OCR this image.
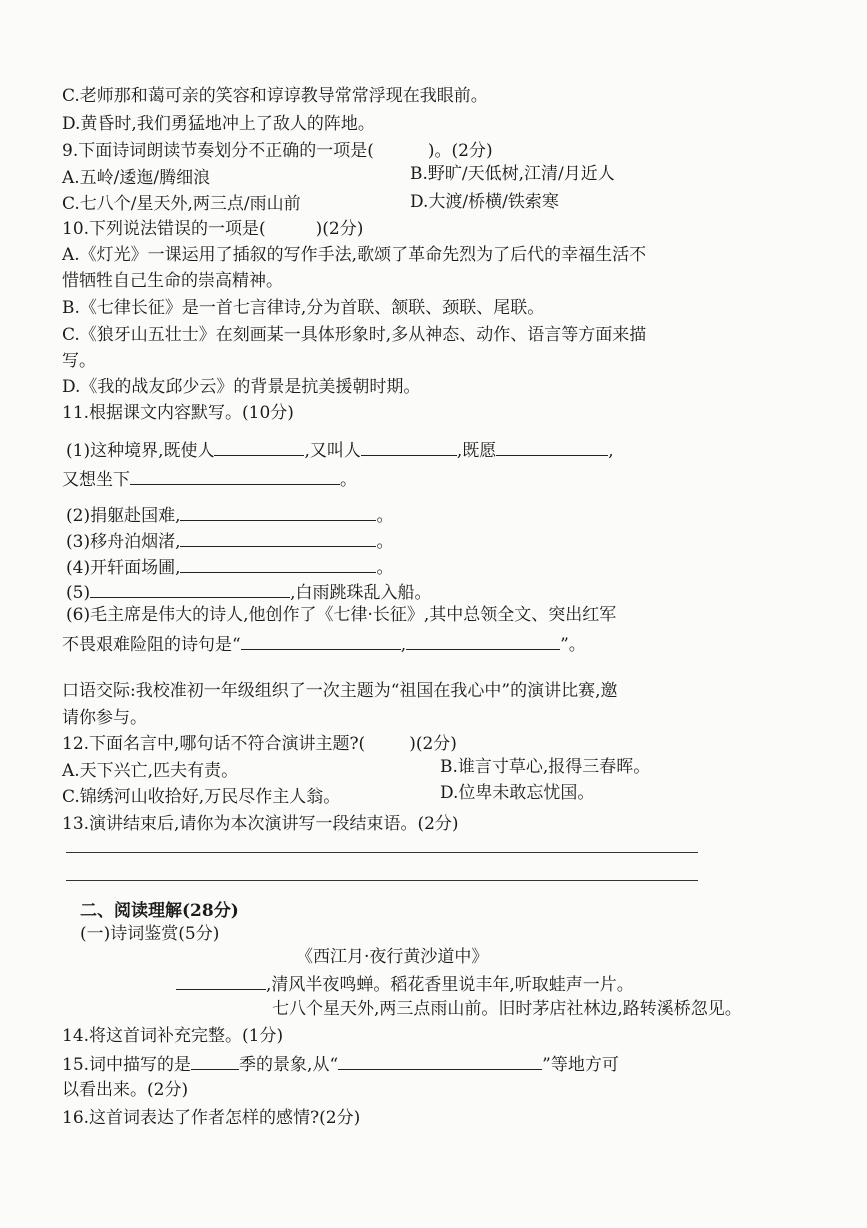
C.老师那和蔼可亲的笑容和谆谆教导常常浮现在我眼前。
D.黄昏时,我们勇猛地冲上了敌人的阵地。
9.下面诗词朗读节奏划分不正确的一项是(	)。(2分)
A.五岭/逶迤/腾细浪	B.野旷/天低树,江清/月近人
C.七八个/星天外,两三点/雨山前	D.大渡/桥横/铁索寒
10.下列说法错误的一项是(	)(2分)
A.《灯光》一课运用了插叙的写作手法,歌颂了革命先烈为了后代的幸福生活不
惜牺牲自己生命的崇高精神。
B.《七律长征》是一首七言律诗,分为首联、颔联、颈联、尾联。
C.《狼牙山五壮士》在刻画某一具体形象时,多从神态、动作、语言等方面来描
写。
D.《我的战友邱少云》的背景是抗美援朝时期。
11.根据课文内容默写。(10分)
(1)这种境界,既使人	,又叫人	,既愿	,
又想坐下	。
(2)捐躯赴国难,	。
(3)移舟泊烟渚,	。
(4)开轩面场圃,	。
(5)	,白雨跳珠乱入船。
(6)毛主席是伟大的诗人,他创作了《七律·长征》,其中总领全文、突出红军
不畏艰难险阻的诗句是“	,	”。
口语交际:我校准初一年级组织了一次主题为“祖国在我心中”的演讲比赛,邀
请你参与。
12.下面名言中,哪句话不符合演讲主题?(	)(2分)
A.天下兴亡,匹夫有责。	B.谁言寸草心,报得三春晖。
C.锦绣河山收拾好,万民尽作主人翁。	D.位卑未敢忘忧国。
13.演讲结束后,请你为本次演讲写一段结束语。(2分)
二、阅读理解(28分)
(一)诗词鉴赏(5分)
《西江月·夜行黄沙道中》
,清风半夜鸣蝉。稻花香里说丰年,听取蛙声一片。
七八个星天外,两三点雨山前。旧时茅店社林边,路转溪桥忽见。
14.将这首词补充完整。(1分)
15.词中描写的是	季的景象,从“	”等地方可
以看出来。(2分)
16.这首词表达了作者怎样的感情?(2分)
